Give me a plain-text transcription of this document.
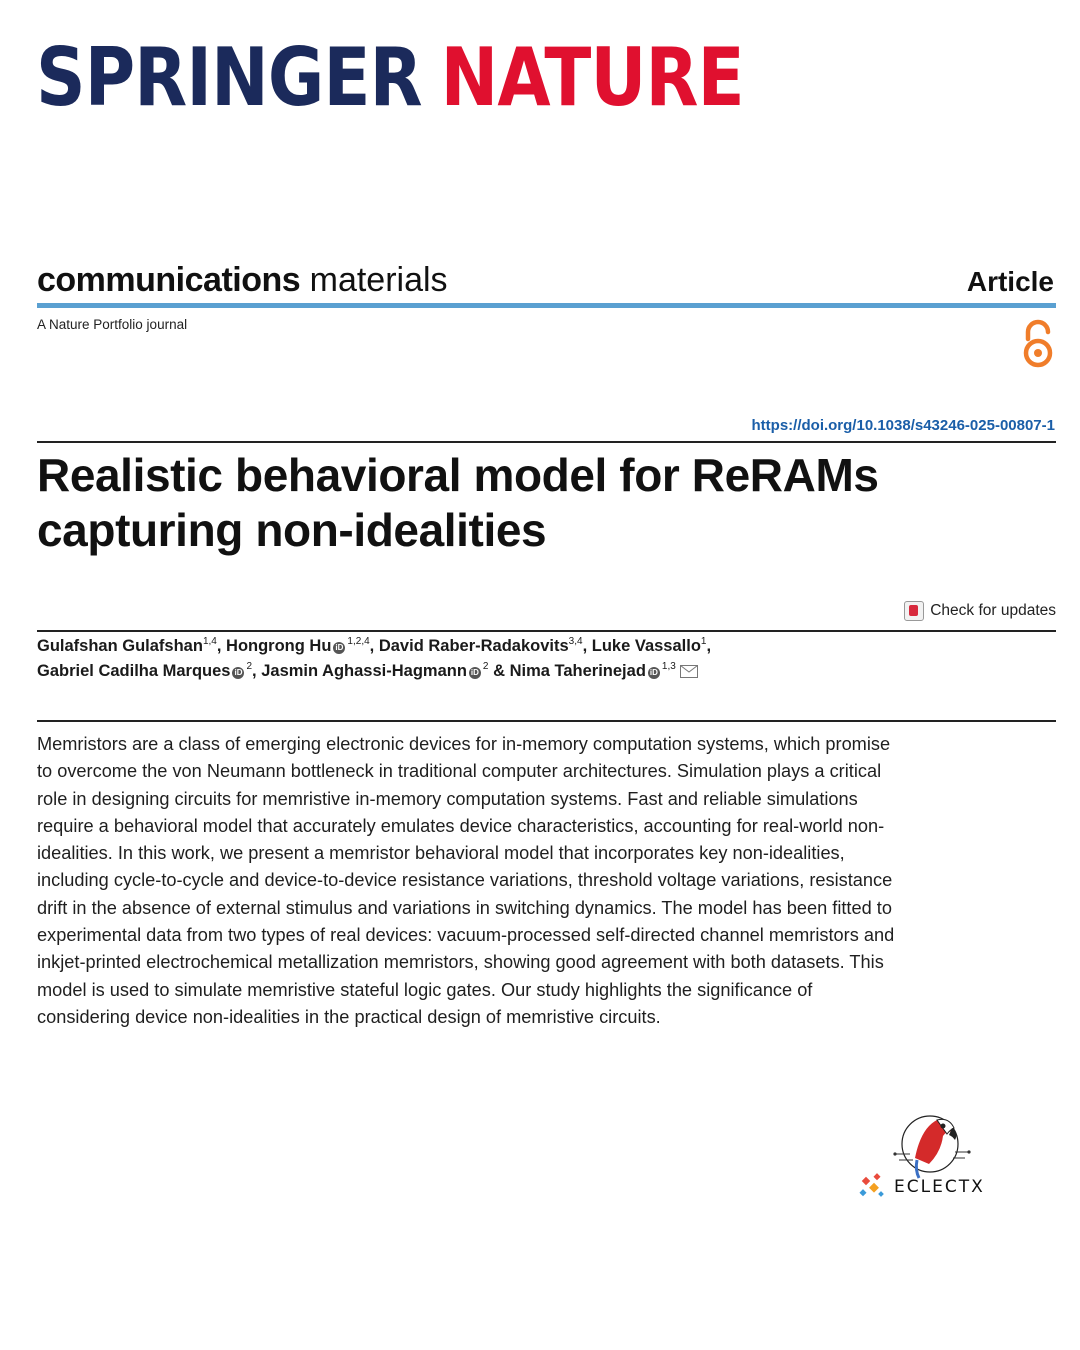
SPRINGER NATURE
communications materials	Article
A Nature Portfolio journal
https://doi.org/10.1038/s43246-025-00807-1
Realistic behavioral model for ReRAMs capturing non-idealities
Check for updates
Gulafshan Gulafshan$^{1,4}$, Hongrong Hu iD$^{1,2,4}$, David Raber-Radakovits$^{3,4}$, Luke Vassallo$^1$,
Gabriel Cadilha Marques $iD^2$, Jasmin Aghassi-Hagmann $iD^2$ & Nima Taherinejad iD$^{1,3}$

Memristors are a class of emerging electronic devices for in-memory computation systems, which promise to overcome the von Neumann bottleneck in traditional computer architectures. Simulation plays a critical role in designing circuits for memristive in-memory computation systems. Fast and reliable simulations require a behavioral model that accurately emulates device characteristics, accounting for real-world non-idealities. In this work, we present a memristor behavioral model that incorporates key non-idealities, including cycle-to-cycle and device-to-device resistance variations, threshold voltage variations, resistance drift in the absence of external stimulus and variations in switching dynamics. The model has been fitted to experimental data from two types of real devices: vacuum-processed self-directed channel memristors and inkjet-printed electrochemical metallization memristors, showing good agreement with both datasets. This model is used to simulate memristive stateful logic gates. Our study highlights the significance of considering device non-idealities in the practical design of memristive circuits.

ECLECTX
